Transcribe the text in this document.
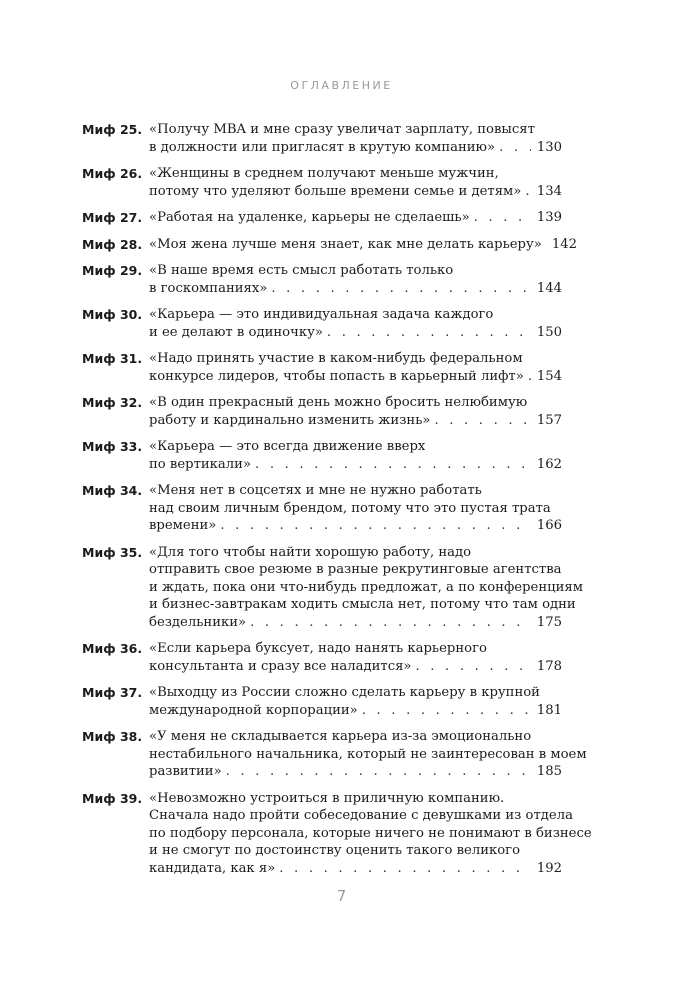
ОГЛАВЛЕНИЕ
Миф 25. «Получу MBA и мне сразу увеличат зарплату, повысят
в должности или пригласят в крутую компанию» . . .	130
Миф 26. «Женщины в среднем получают меньше мужчин,
потому что уделяют больше времени семье и детям» . . . 134
Миф 27. «Работая на удаленке, карьеры не сделаешь» . . .	139
Миф 28. «Моя жена лучше меня знает, как мне делать карьеру» 142
Миф 29. «В наше время есть смысл работать только
в госкомпаниях» . . .	144
Миф 30. «Карьера — это индивидуальная задача каждого
и ее делают в одиночку» . . .	150
Миф 31. «Надо принять участие в каком-нибудь федеральном
конкурсе лидеров, чтобы попасть в карьерный лифт» . . . 154
Миф 32. «В один прекрасный день можно бросить нелюбимую
работу и кардинально изменить жизнь» . . .	157
Миф 33. «Карьера — это всегда движение вверх
по вертикали» . . .	162
Миф 34. «Меня нет в соцсетях и мне не нужно работать
над своим личным брендом, потому что это пустая трата
времени» . . .	166
Миф 35. «Для того чтобы найти хорошую работу, надо
отправить свое резюме в разные рекрутинговые агентства
и ждать, пока они что-нибудь предложат, а по конференциям
и бизнес-завтракам ходить смысла нет, потому что там одни
бездельники» . . .	175
Миф 36. «Если карьера буксует, надо нанять карьерного
консультанта и сразу все наладится» . . .	178
Миф 37. «Выходцу из России сложно сделать карьеру в крупной
международной корпорации» . . .	181
Миф 38. «У меня не складывается карьера из-за эмоционально
нестабильного начальника, который не заинтересован в моем
развитии» . . .	185
Миф 39. «Невозможно устроиться в приличную компанию.
Сначала надо пройти собеседование с девушками из отдела
по подбору персонала, которые ничего не понимают в бизнесе
и не смогут по достоинству оценить такого великого
кандидата, как я» . . .	192
7
